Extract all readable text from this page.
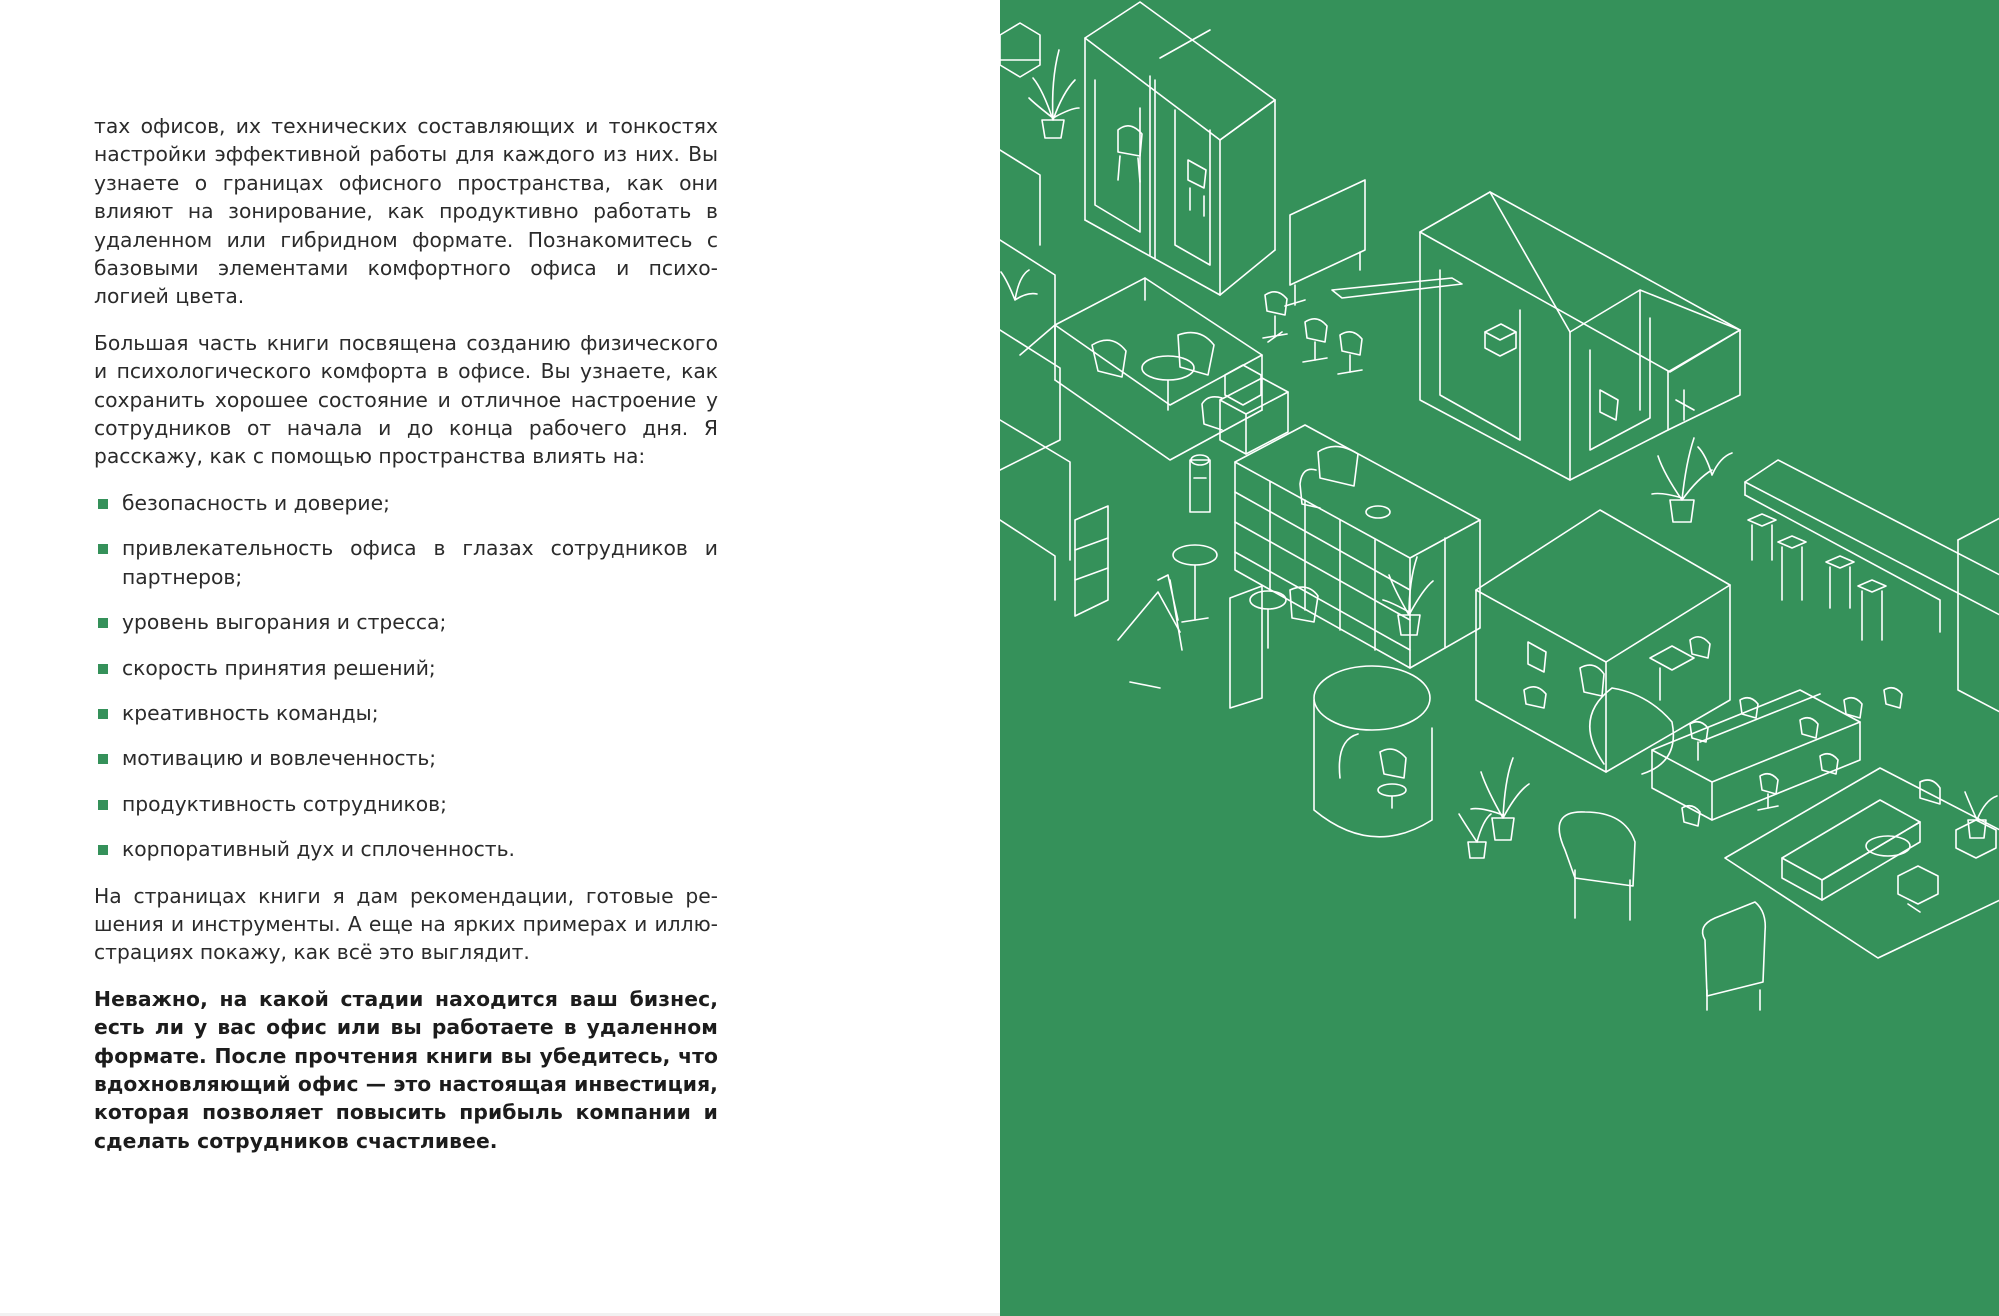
тах офисов, их технических составляющих и тонкостях настройки эффективной работы для каждого из них. Вы узнаете о границах офисного пространства, как они влияют на зонирование, как продуктивно работать в удаленном или гибридном формате. Познакомитесь с базовыми элементами комфортного офиса и психологией цвета.

Большая часть книги посвящена созданию физического и психологического комфорта в офисе. Вы узнаете, как сохранить хорошее состояние и отличное настроение у сотрудников от начала и до конца рабочего дня. Я расскажу, как с помощью пространства влиять на:

безопасность и доверие;
привлекательность офиса в глазах сотрудников и партнеров;
уровень выгорания и стресса;
скорость принятия решений;
креативность команды;
мотивацию и вовлеченность;
продуктивность сотрудников;
корпоративный дух и сплоченность.

На страницах книги я дам рекомендации, готовые решения и инструменты. А еще на ярких примерах и иллюстрациях покажу, как всё это выглядит.

Неважно, на какой стадии находится ваш бизнес, есть ли у вас офис или вы работаете в удаленном формате. После прочтения книги вы убедитесь, что вдохновляющий офис — это настоящая инвестиция, которая позволяет повысить прибыль компании и сделать сотрудников счастливее.
